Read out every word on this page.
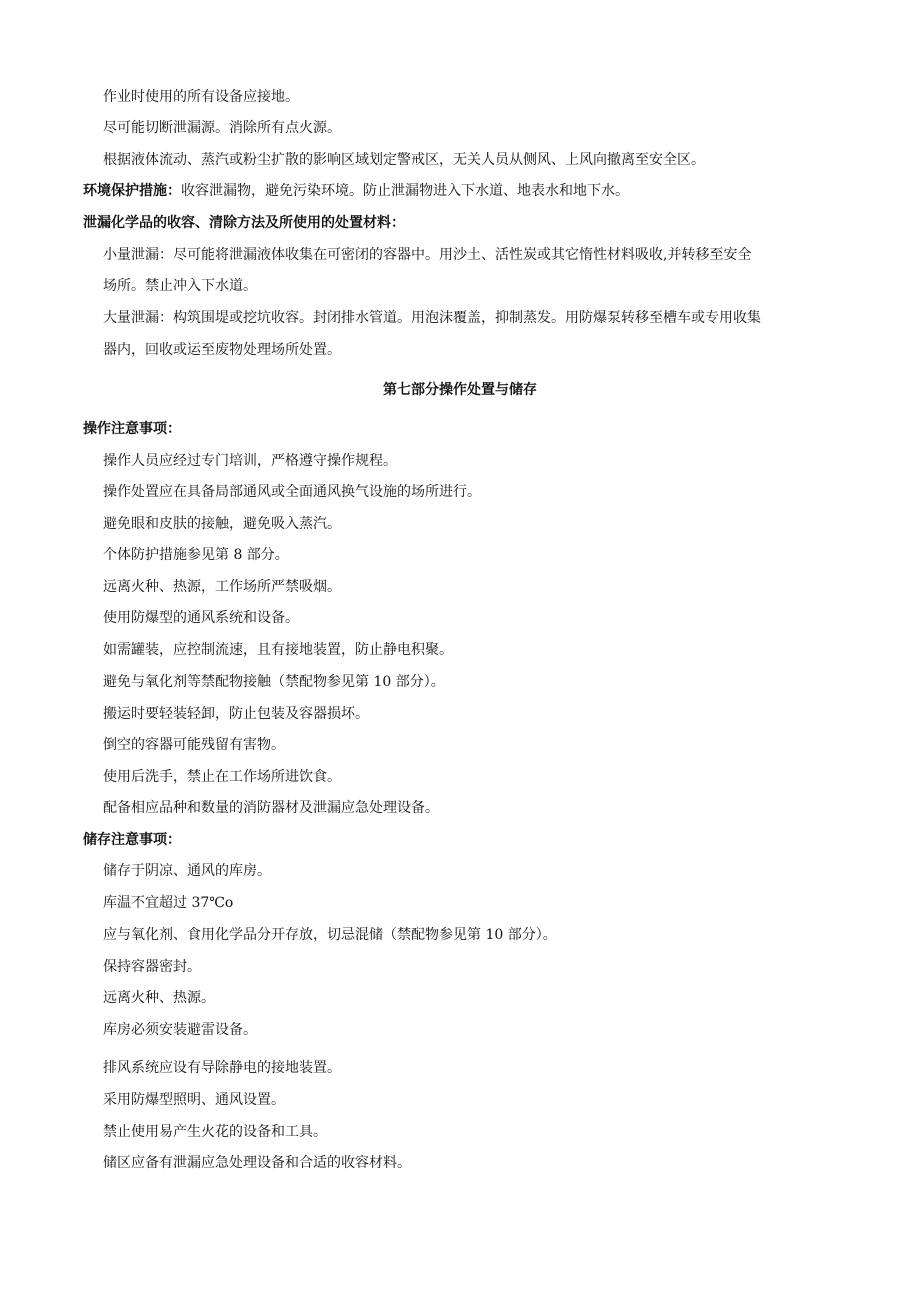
作业时使用的所有设备应接地。
尽可能切断泄漏源。消除所有点火源。
根据液体流动、蒸汽或粉尘扩散的影响区域划定警戒区，无关人员从侧风、上风向撤离至安全区。
环境保护措施：收容泄漏物，避免污染环境。防止泄漏物进入下水道、地表水和地下水。
泄漏化学品的收容、清除方法及所使用的处置材料：
小量泄漏：尽可能将泄漏液体收集在可密闭的容器中。用沙土、活性炭或其它惰性材料吸收,并转移至安全
场所。禁止冲入下水道。
大量泄漏：构筑围堤或挖坑收容。封闭排水管道。用泡沫覆盖，抑制蒸发。用防爆泵转移至槽车或专用收集
器内，回收或运至废物处理场所处置。
第七部分操作处置与储存
操作注意事项：
操作人员应经过专门培训，严格遵守操作规程。
操作处置应在具备局部通风或全面通风换气设施的场所进行。
避免眼和皮肤的接触，避免吸入蒸汽。
个体防护措施参见第 8 部分。
远离火种、热源，工作场所严禁吸烟。
使用防爆型的通风系统和设备。
如需罐装，应控制流速，且有接地装置，防止静电积聚。
避免与氧化剂等禁配物接触（禁配物参见第 10 部分）。
搬运时要轻装轻卸，防止包装及容器损坏。
倒空的容器可能残留有害物。
使用后洗手，禁止在工作场所进饮食。
配备相应品种和数量的消防器材及泄漏应急处理设备。
储存注意事项：
储存于阴凉、通风的库房。
库温不宜超过 37℃o
应与氧化剂、食用化学品分开存放，切忌混储（禁配物参见第 10 部分）。
保持容器密封。
远离火种、热源。
库房必须安装避雷设备。
排风系统应设有导除静电的接地装置。
采用防爆型照明、通风设置。
禁止使用易产生火花的设备和工具。
储区应备有泄漏应急处理设备和合适的收容材料。
